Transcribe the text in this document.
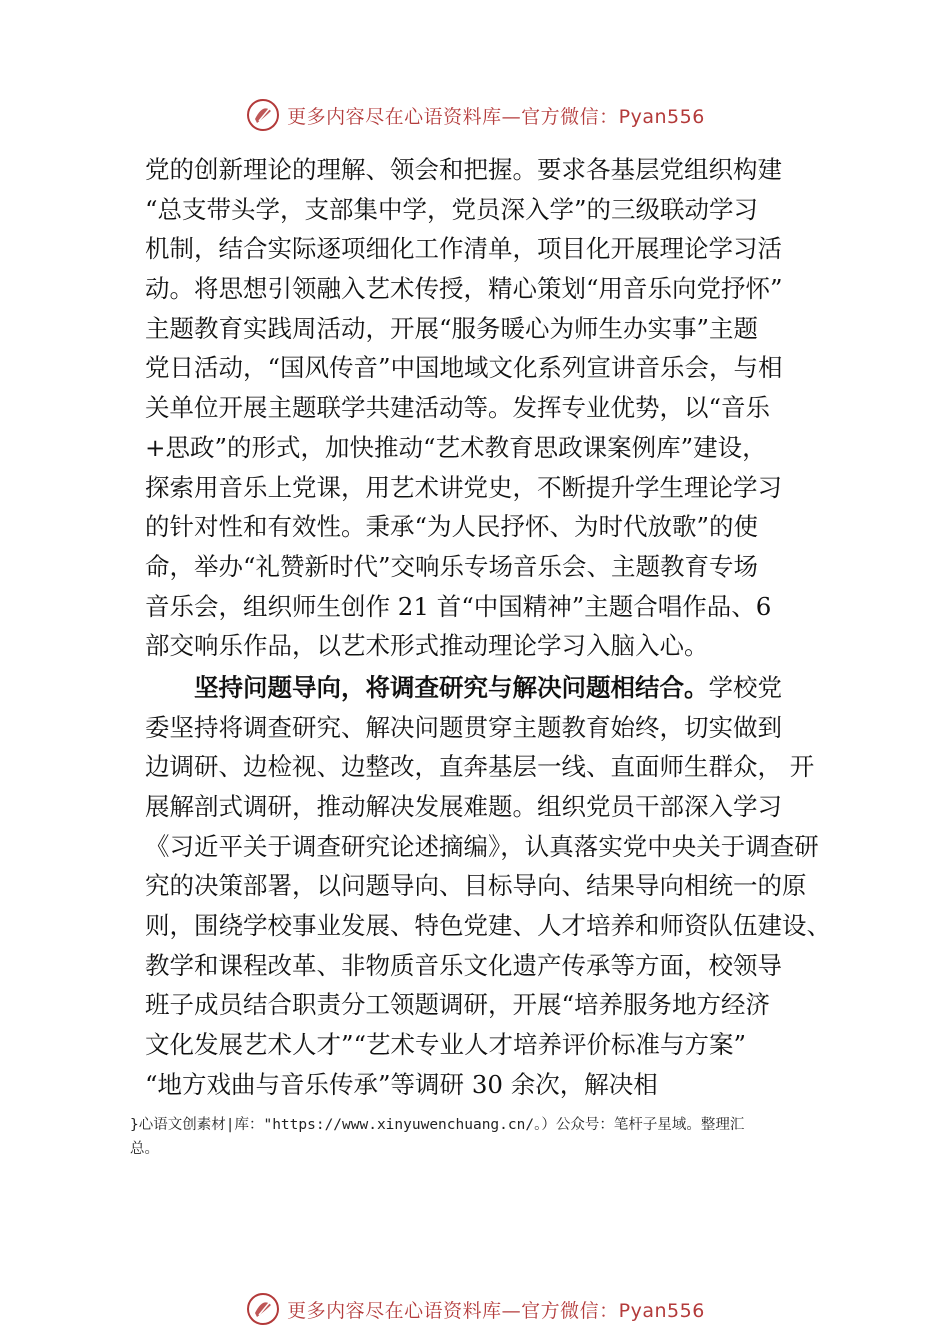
更多内容尽在心语资料库—官方微信：Pyan556
党的创新理论的理解、领会和把握。要求各基层党组织构建
“总支带头学，支部集中学，党员深入学”的三级联动学习
机制，结合实际逐项细化工作清单，项目化开展理论学习活
动。将思想引领融入艺术传授，精心策划“用音乐向党抒怀”
主题教育实践周活动，开展“服务暖心为师生办实事”主题
党日活动，“国风传音”中国地域文化系列宣讲音乐会，与相
关单位开展主题联学共建活动等。发挥专业优势，以“音乐
+思政”的形式，加快推动“艺术教育思政课案例库”建设，
探索用音乐上党课，用艺术讲党史，不断提升学生理论学习
的针对性和有效性。秉承“为人民抒怀、为时代放歌”的使
命，举办“礼赞新时代”交响乐专场音乐会、主题教育专场
音乐会，组织师生创作 21 首“中国精神”主题合唱作品、6
部交响乐作品，以艺术形式推动理论学习入脑入心。
坚持问题导向，将调查研究与解决问题相结合。学校党
委坚持将调查研究、解决问题贯穿主题教育始终，切实做到
边调研、边检视、边整改，直奔基层一线、直面师生群众， 开
展解剖式调研，推动解决发展难题。组织党员干部深入学习
《习近平关于调查研究论述摘编》，认真落实党中央关于调查研
究的决策部署，以问题导向、目标导向、结果导向相统一的原
则，围绕学校事业发展、特色党建、人才培养和师资队伍建设、
教学和课程改革、非物质音乐文化遗产传承等方面，校领导
班子成员结合职责分工领题调研，开展“培养服务地方经济
文化发展艺术人才”“艺术专业人才培养评价标准与方案”
“地方戏曲与音乐传承”等调研 30 余次，解决相
}心语文创素材|库："https://www.xinyuwenchuang.cn/。）公众号：笔杆子星域。整理汇
总。
更多内容尽在心语资料库—官方微信：Pyan556
